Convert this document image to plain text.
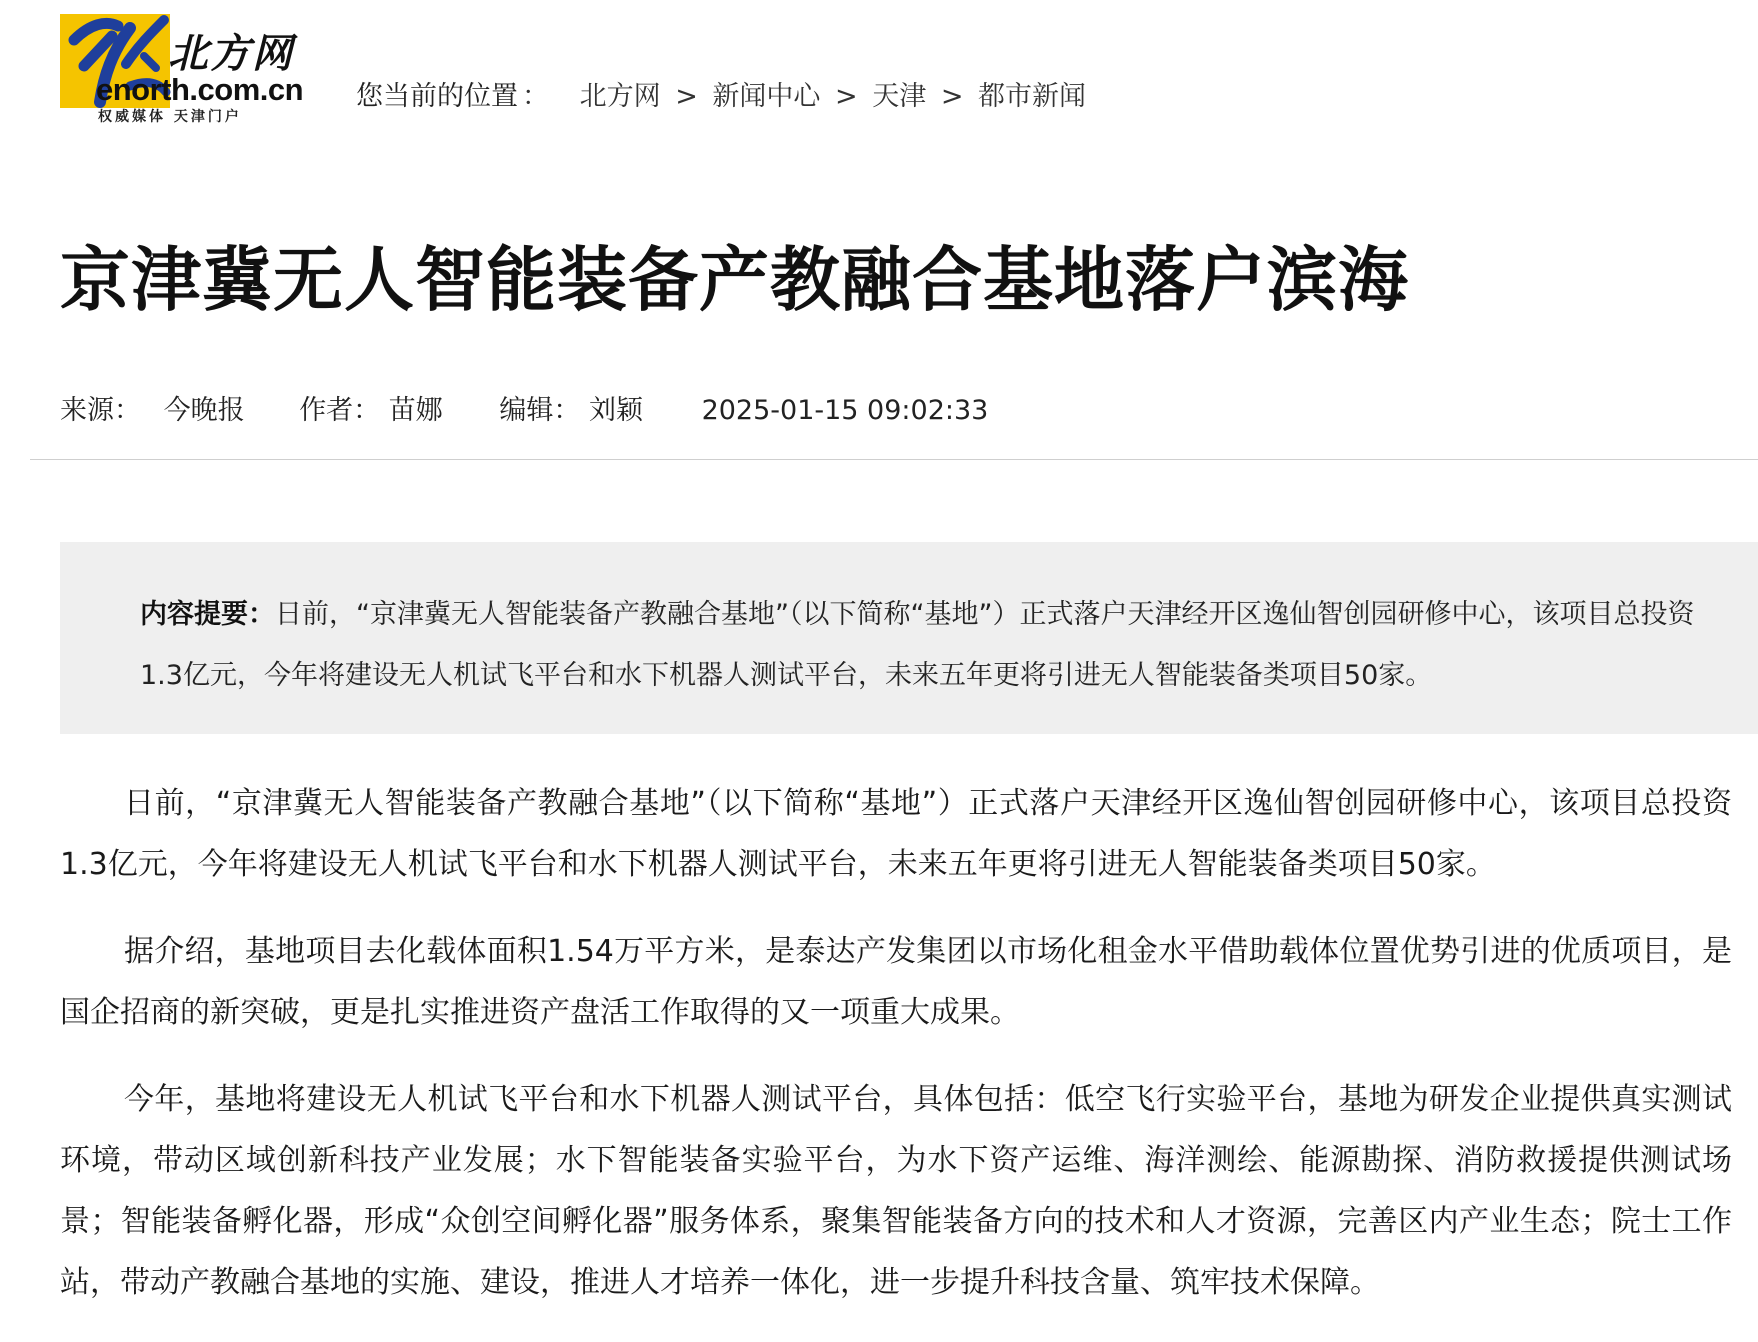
北方网
enorth.com.cn
权威媒体 天津门户
您当前的位置 ： 北方网 > 新闻中心 > 天津 > 都市新闻
京津冀无人智能装备产教融合基地落户滨海
来源： 今晚报 作者： 苗娜 编辑： 刘颖 2025-01-15 09:02:33
内容提要：日前，“京津冀无人智能装备产教融合基地”（以下简称“基地”）正式落户天津经开区逸仙智创园研修中心，该项目总投资1.3亿元，今年将建设无人机试飞平台和水下机器人测试平台，未来五年更将引进无人智能装备类项目50家。

日前，“京津冀无人智能装备产教融合基地”（以下简称“基地”）正式落户天津经开区逸仙智创园研修中心，该项目总投资1.3亿元，今年将建设无人机试飞平台和水下机器人测试平台，未来五年更将引进无人智能装备类项目50家。

据介绍，基地项目去化载体面积1.54万平方米，是泰达产发集团以市场化租金水平借助载体位置优势引进的优质项目，是国企招商的新突破，更是扎实推进资产盘活工作取得的又一项重大成果。

今年，基地将建设无人机试飞平台和水下机器人测试平台，具体包括：低空飞行实验平台，基地为研发企业提供真实测试环境，带动区域创新科技产业发展；水下智能装备实验平台，为水下资产运维、海洋测绘、能源勘探、消防救援提供测试场景；智能装备孵化器，形成“众创空间孵化器”服务体系，聚集智能装备方向的技术和人才资源，完善区内产业生态；院士工作站，带动产教融合基地的实施、建设，推进人才培养一体化，进一步提升科技含量、筑牢技术保障。
